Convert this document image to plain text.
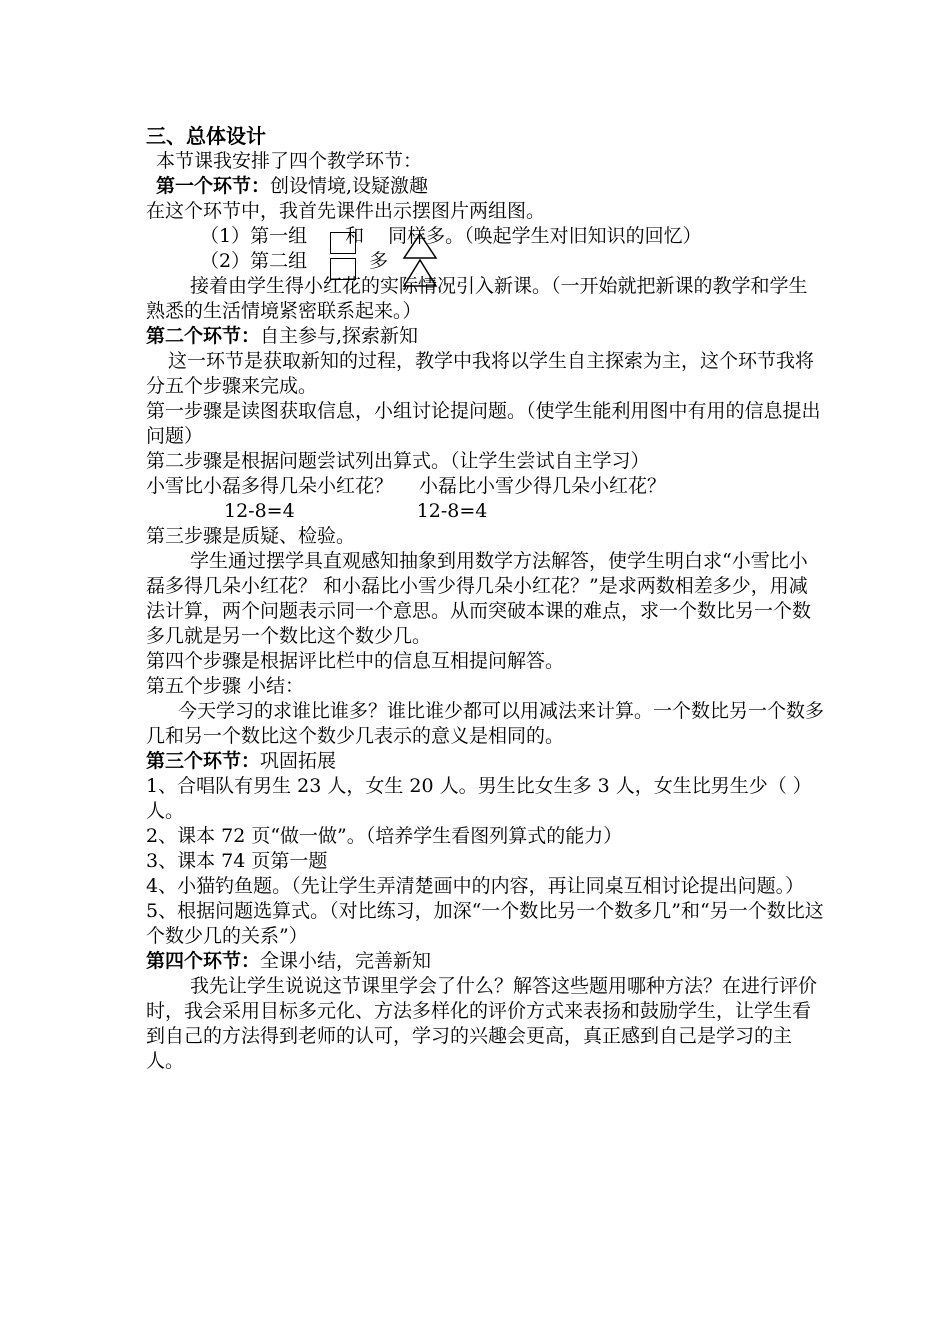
三、总体设计

本节课我安排了四个教学环节：

第一个环节：创设情境,设疑激趣

在这个环节中，我首先课件出示摆图片两组图。

（1）第一组 和 同样多。（唤起学生对旧知识的回忆）

（2）第二组	多

接着由学生得小红花的实际情况引入新课。（一开始就把新课的教学和学生熟悉的生活情境紧密联系起来。）

第二个环节：自主参与,探索新知

这一环节是获取新知的过程，教学中我将以学生自主探索为主，这个环节我将分五个步骤来完成。

第一步骤是读图获取信息，小组讨论提问题。（使学生能利用图中有用的信息提出问题）

第二步骤是根据问题尝试列出算式。（让学生尝试自主学习）

小雪比小磊多得几朵小红花？ 小磊比小雪少得几朵小红花？

12-8=4	12-8=4

第三步骤是质疑、检验。

学生通过摆学具直观感知抽象到用数学方法解答，使学生明白求“小雪比小磊多得几朵小红花？ 和小磊比小雪少得几朵小红花？”是求两数相差多少，用减法计算，两个问题表示同一个意思。从而突破本课的难点，求一个数比另一个数多几就是另一个数比这个数少几。

第四个步骤是根据评比栏中的信息互相提问解答。

第五个步骤 小结：

今天学习的求谁比谁多？谁比谁少都可以用减法来计算。一个数比另一个数多几和另一个数比这个数少几表示的意义是相同的。

第三个环节：巩固拓展

1、合唱队有男生 23 人，女生 20 人。男生比女生多 3 人，女生比男生少（ ）人。

2、课本 72 页“做一做”。（培养学生看图列算式的能力）

3、课本 74 页第一题

4、小猫钓鱼题。（先让学生弄清楚画中的内容，再让同桌互相讨论提出问题。）

5、根据问题选算式。（对比练习，加深“一个数比另一个数多几”和“另一个数比这个数少几的关系”）

第四个环节：全课小结，完善新知

我先让学生说说这节课里学会了什么？解答这些题用哪种方法？在进行评价时，我会采用目标多元化、方法多样化的评价方式来表扬和鼓励学生，让学生看到自己的方法得到老师的认可，学习的兴趣会更高，真正感到自己是学习的主人。
